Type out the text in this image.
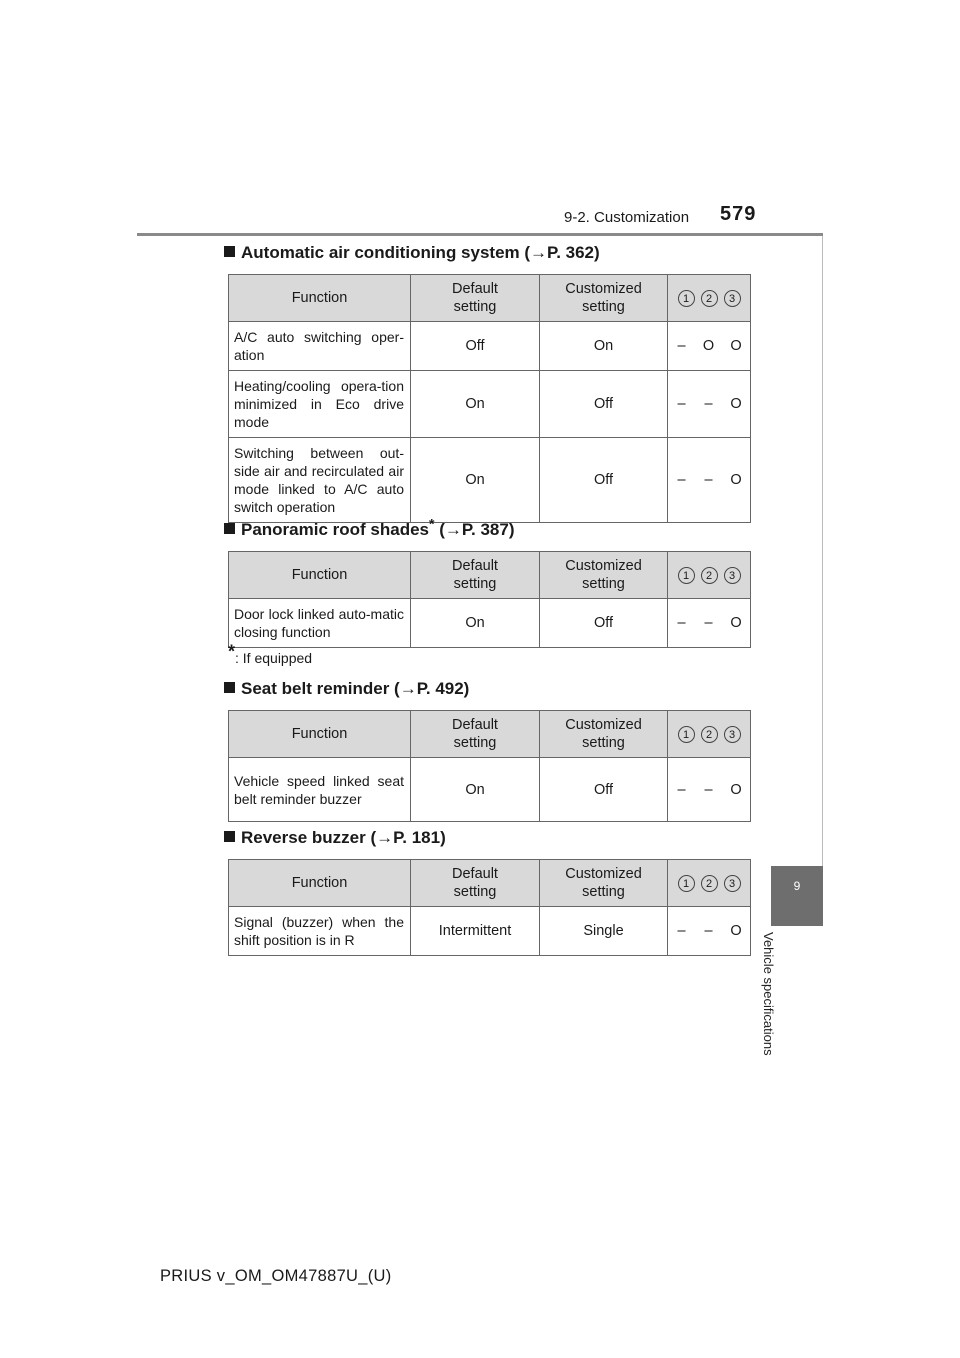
9-2. Customization 579
9
Vehicle specifications
Automatic air conditioning system (→P. 362)
Function	Default setting	Customized setting	1 2 3
A/C auto switching oper-ation	Off	On		–	O	O

Heating/cooling opera-tion minimized in Eco drive mode	On	Off		–	–	O

Switching between out-side air and recirculated air mode linked to A/C auto switch operation	On	Off		–	–	O
Panoramic roof shades* (→P. 387)
Function	Default setting	Customized setting	1 2 3
Door lock linked auto-matic closing function	On	Off		–	–	O
*: If equipped
Seat belt reminder (→P. 492)
Function	Default setting	Customized setting	1 2 3
Vehicle speed linked seat belt reminder buzzer	On	Off		–	–	O
Reverse buzzer (→P. 181)
Function	Default setting	Customized setting	1 2 3
Signal (buzzer) when the shift position is in R	Intermittent	Single		–	–	O
PRIUS v_OM_OM47887U_(U)
